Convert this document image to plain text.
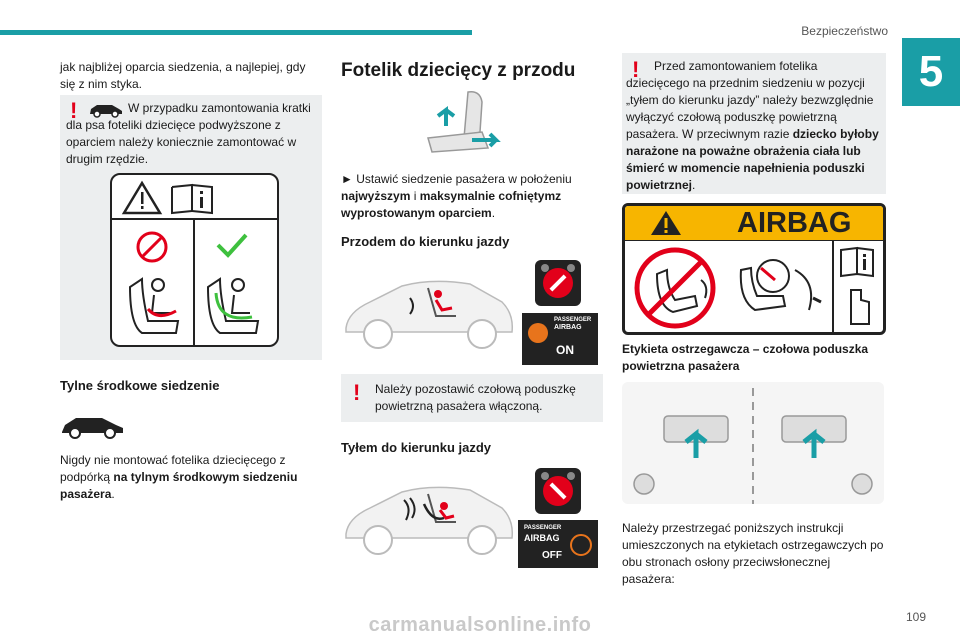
Bezpieczeństwo
5
jak najbliżej oparcia siedzenia, a najlepiej, gdy się z nim styka.
!	W przypadku zamontowania kratki dla psa foteliki dziecięce podwyższone z oparciem należy koniecznie zamontować w drugim rzędzie.
Tylne środkowe siedzenie
Nigdy nie montować fotelika dziecięcego z podpórką na tylnym środkowym siedzeniu pasażera.
Fotelik dziecięcy z przodu
► Ustawić siedzenie pasażera w położeniu najwyższym i maksymalnie cofniętymz wyprostowanym oparciem.
Przodem do kierunku jazdy
PASSENGER
AIRBAG
ON
! Należy pozostawić czołową poduszkę powietrzną pasażera włączoną.
Tyłem do kierunku jazdy
PASSENGER
AIRBAG
OFF
!	Przed zamontowaniem fotelika dziecięcego na przednim siedzeniu w pozycji „tyłem do kierunku jazdy” należy bezwzględnie wyłączyć czołową poduszkę powietrzną pasażera. W przeciwnym razie dziecko byłoby narażone na poważne obrażenia ciała lub śmierć w momencie napełnienia poduszki powietrznej.
AIRBAG
Etykieta ostrzegawcza – czołowa poduszka powietrzna pasażera
Należy przestrzegać poniższych instrukcji umieszczonych na etykietach ostrzegawczych po obu stronach osłony przeciwsłonecznej pasażera:
109
carmanualsonline.info
